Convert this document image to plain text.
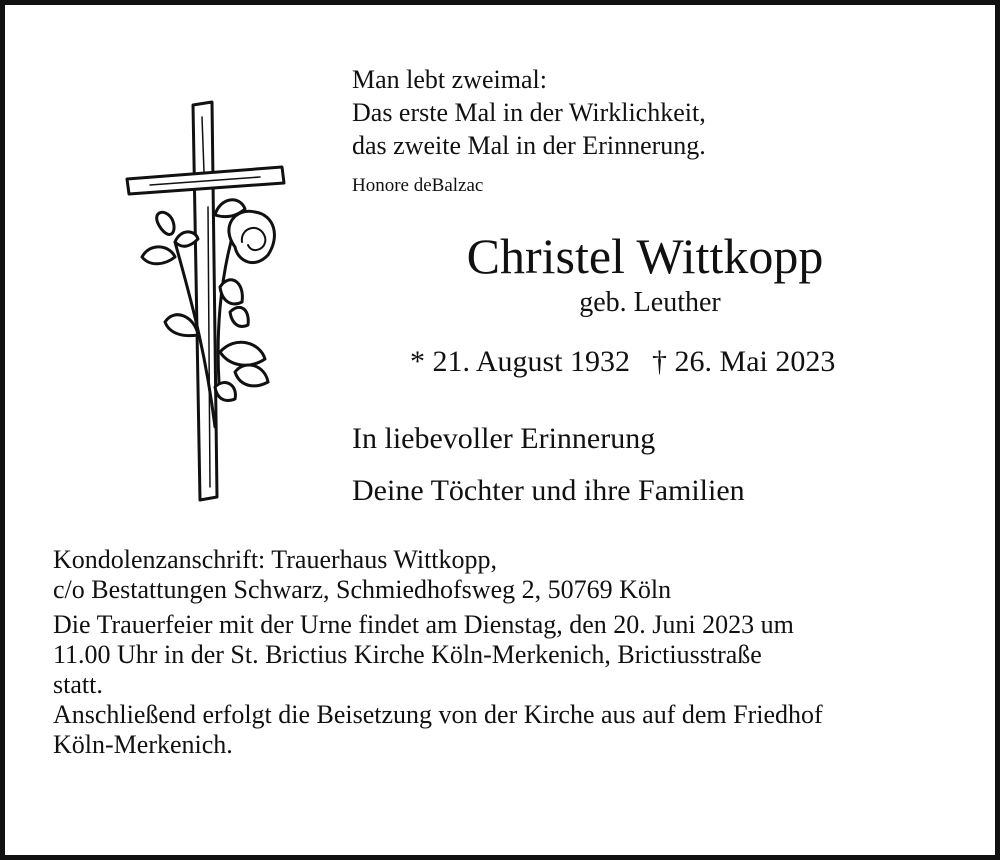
Man lebt zweimal:
Das erste Mal in der Wirklichkeit,
das zweite Mal in der Erinnerung.
Honore deBalzac
Christel Wittkopp
geb. Leuther
* 21. August 1932 † 26. Mai 2023
In liebevoller Erinnerung
Deine Töchter und ihre Familien

Kondolenzanschrift: Trauerhaus Wittkopp,
c/o Bestattungen Schwarz, Schmiedhofsweg 2, 50769 Köln

Die Trauerfeier mit der Urne findet am Dienstag, den 20. Juni 2023 um
11.00 Uhr in der St. Brictius Kirche Köln-Merkenich, Brictiusstraße
statt.

Anschließend erfolgt die Beisetzung von der Kirche aus auf dem Friedhof
Köln-Merkenich.
